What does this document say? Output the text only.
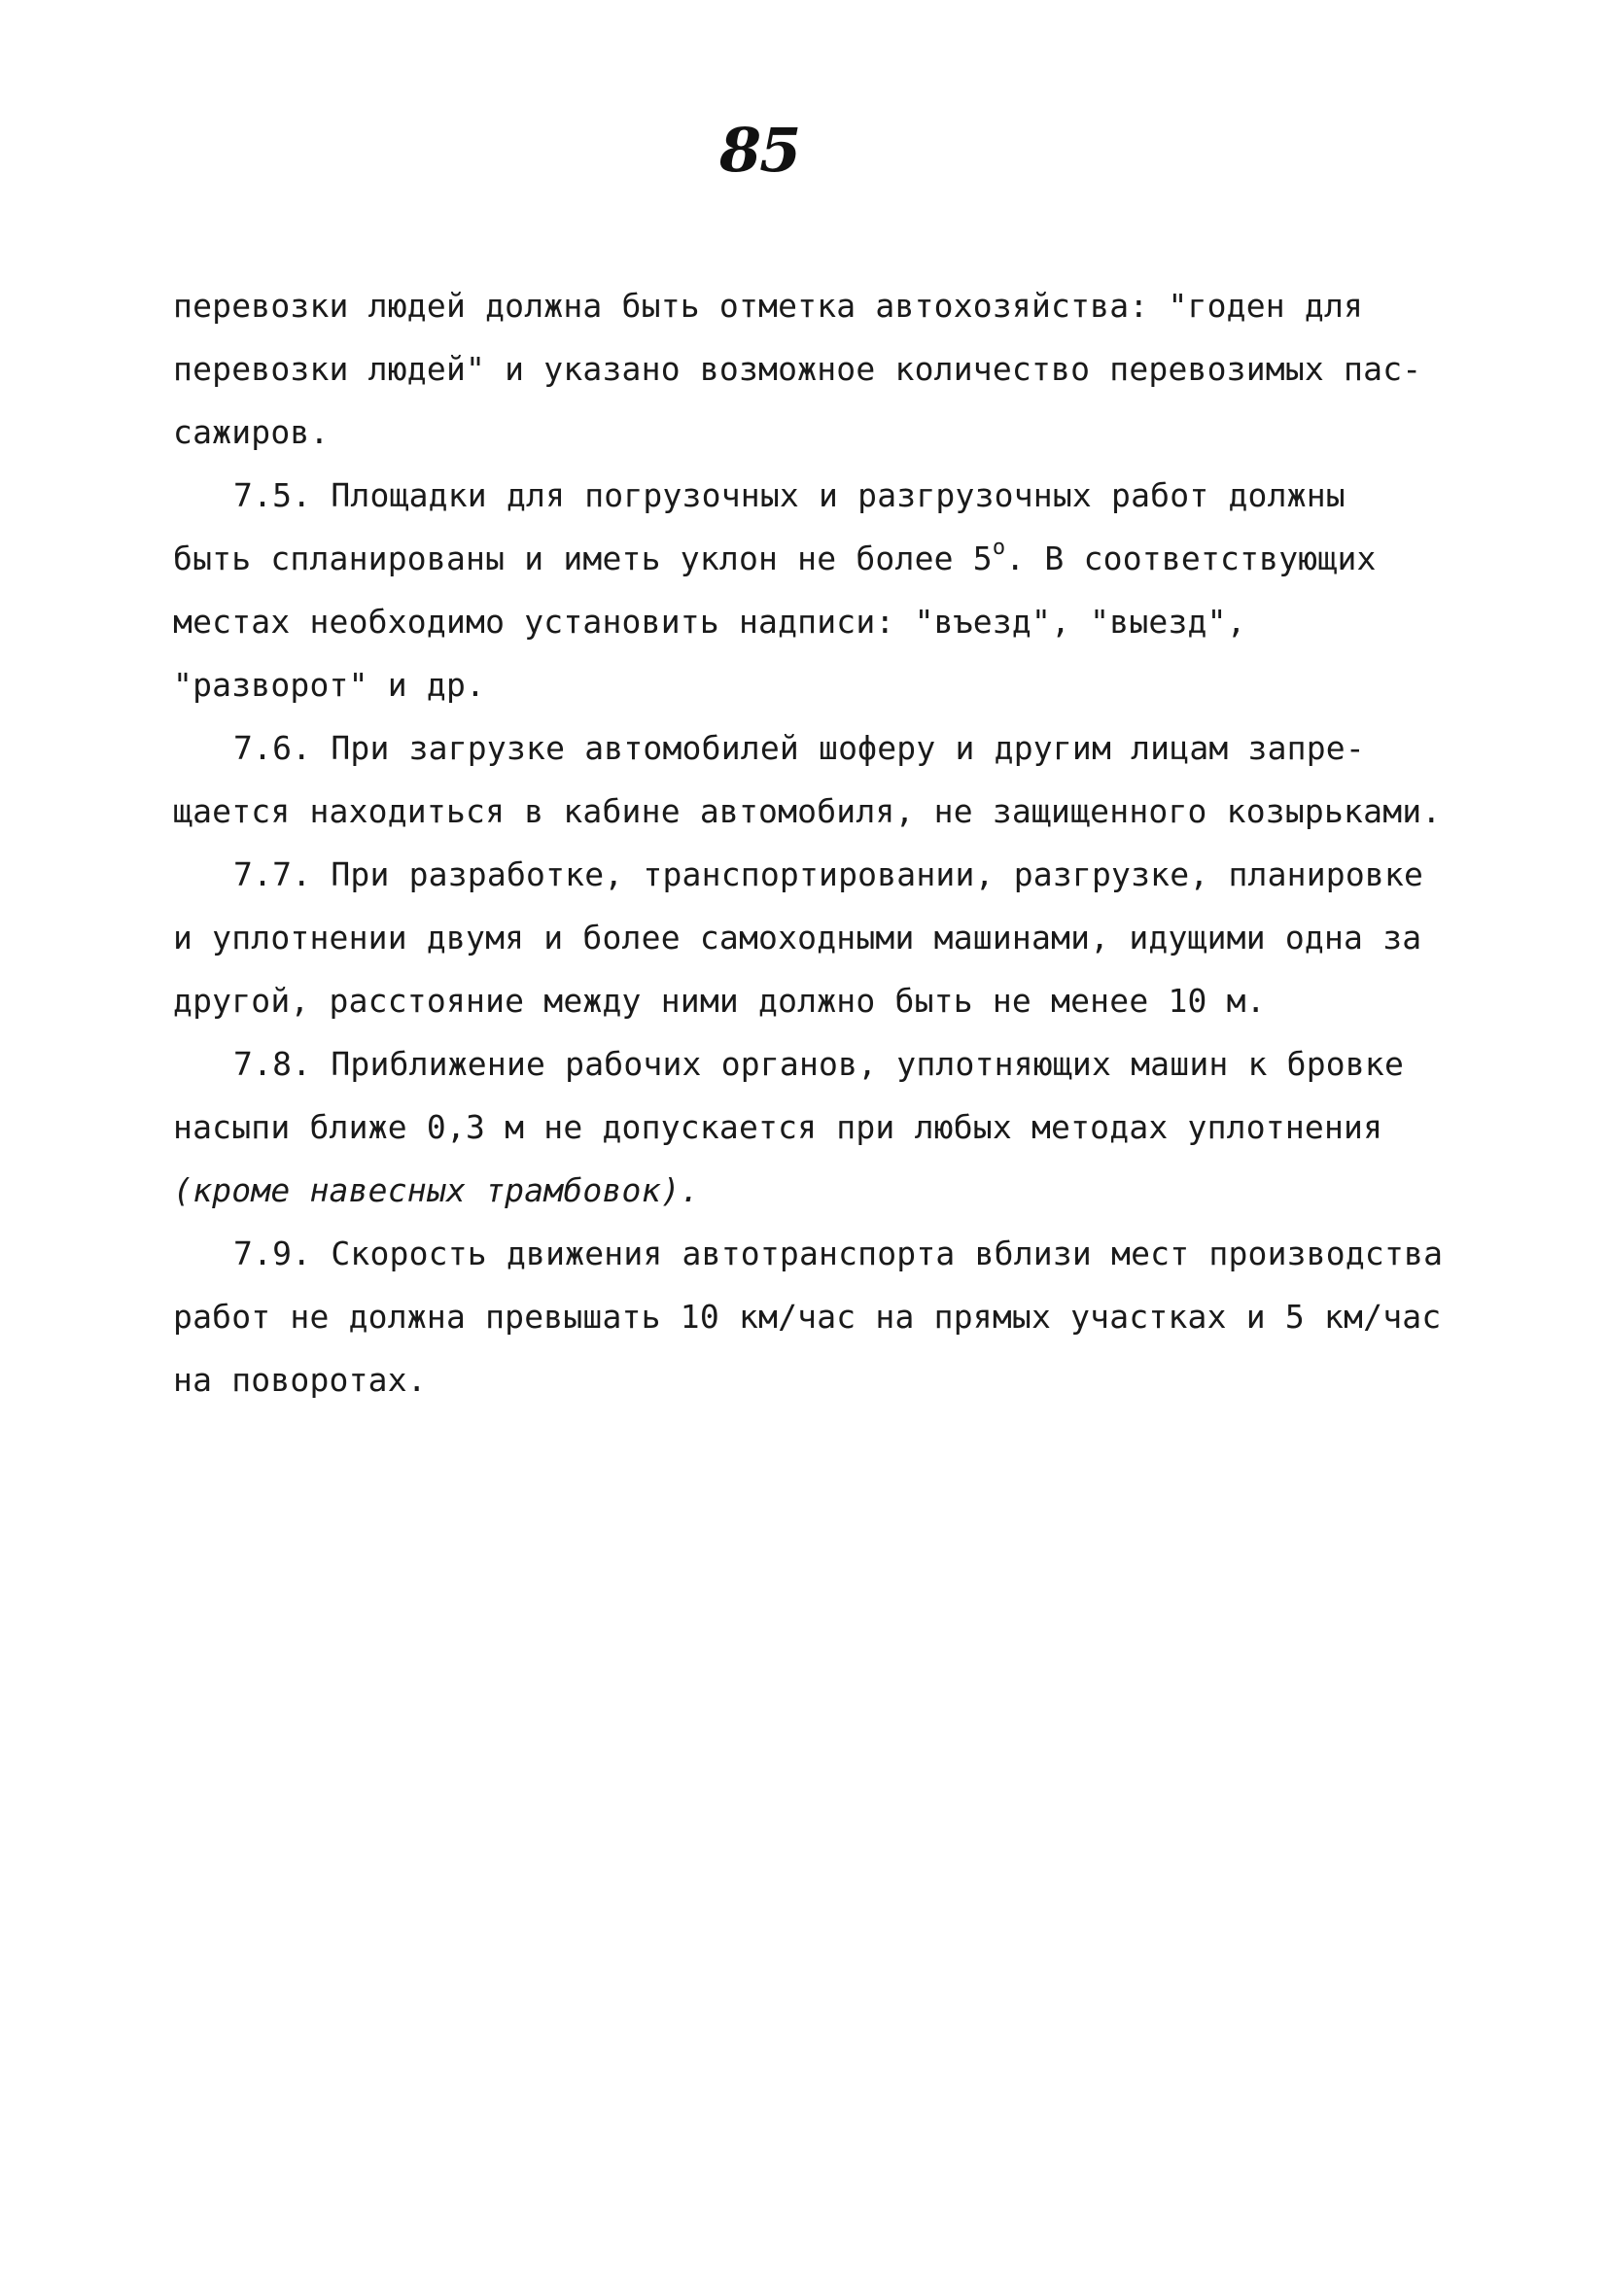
85
перевозки людей должна быть отметка автохозяйства: "годен для
перевозки людей" и указано возможное количество перевозимых пас-
сажиров.
7.5. Площадки для погрузочных и разгрузочных работ должны
быть спланированы и иметь уклон не более $5^о$. В соответствующих
местах необходимо установить надписи: "въезд", "выезд",
"разворот" и др.
7.6. При загрузке автомобилей шоферу и другим лицам запре-
щается находиться в кабине автомобиля, не защищенного козырьками.
7.7. При разработке, транспортировании, разгрузке, планировке
и уплотнении двумя и более самоходными машинами, идущими одна за
другой, расстояние между ними должно быть не менее 10 м.
7.8. Приближение рабочих органов, уплотняющих машин к бровке
насыпи ближе 0,3 м не допускается при любых методах уплотнения
(кроме навесных трамбовок).
7.9. Скорость движения автотранспорта вблизи мест производства
работ не должна превышать 10 км/час на прямых участках и 5 км/час
на поворотах.
